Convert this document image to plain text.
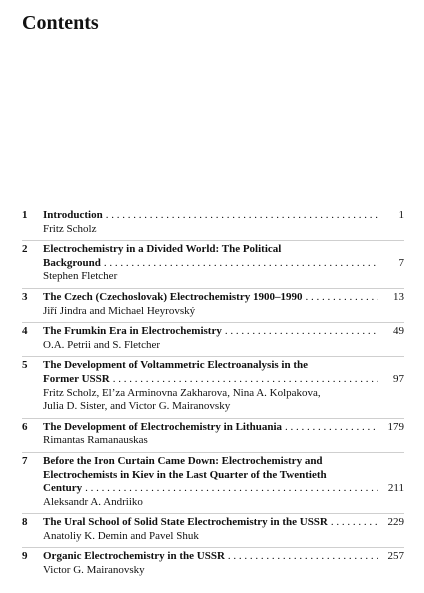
Contents
1	Introduction . . .	1
Fritz Scholz
2	Electrochemistry in a Divided World: The Political
Background . . .	7
Stephen Fletcher
3	The Czech (Czechoslovak) Electrochemistry 1900–1990 . . .	13
Jiří Jindra and Michael Heyrovský
4	The Frumkin Era in Electrochemistry . . .	49
O.A. Petrii and S. Fletcher
5	The Development of Voltammetric Electroanalysis in the
Former USSR . . .	97
Fritz Scholz, El’za Arminovna Zakharova, Nina A. Kolpakova,
Julia D. Sister, and Victor G. Mairanovsky
6	The Development of Electrochemistry in Lithuania . . .	179
Rimantas Ramanauskas
7	Before the Iron Curtain Came Down: Electrochemistry and
Electrochemists in Kiev in the Last Quarter of the Twentieth
Century . . .	211
Aleksandr A. Andriiko
8	The Ural School of Solid State Electrochemistry in the USSR . . .	229
Anatoliy K. Demin and Pavel Shuk
9	Organic Electrochemistry in the USSR . . .	257
Victor G. Mairanovsky
